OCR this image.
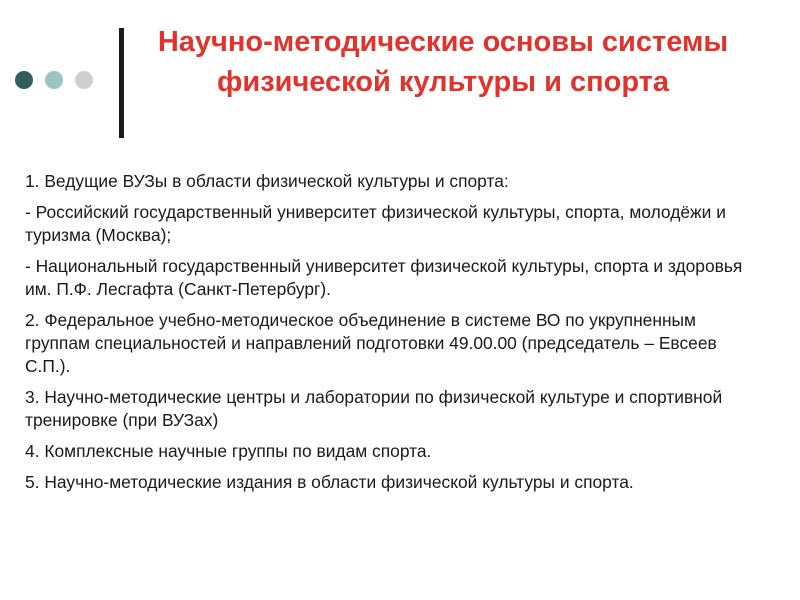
Научно-методические основы системы физической культуры и спорта

1. Ведущие ВУЗы в области физической культуры и спорта:

- Российский государственный университет физической культуры, спорта, молодёжи и туризма (Москва);

- Национальный государственный университет физической культуры, спорта и здоровья им. П.Ф. Лесгафта (Санкт-Петербург).

2. Федеральное учебно-методическое объединение в системе ВО по укрупненным группам специальностей и направлений подготовки 49.00.00 (председатель – Евсеев С.П.).

3. Научно-методические центры и лаборатории по физической культуре и спортивной тренировке (при ВУЗах)

4. Комплексные научные группы по видам спорта.

5. Научно-методические издания в области физической культуры и спорта.
